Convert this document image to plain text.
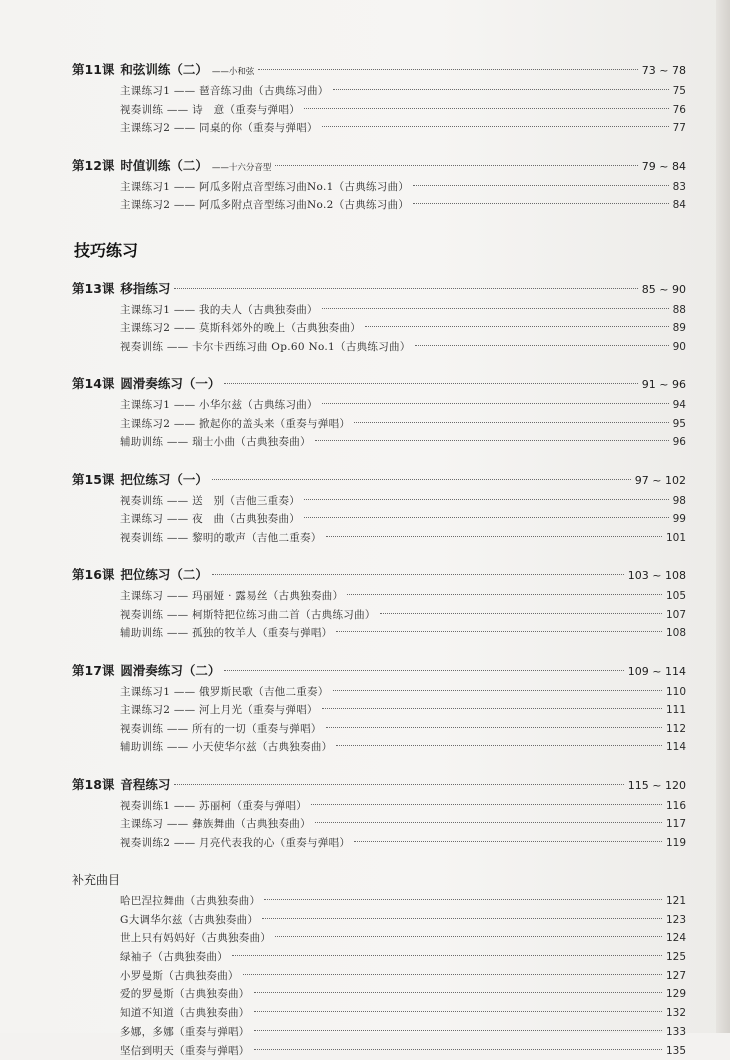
第11课 和弦训练（二） ——小和弦	73 ~ 78
主课练习1 —— 琶音练习曲（古典练习曲）	75
视奏训练 —— 诗　意（重奏与弹唱）	76
主课练习2 —— 同桌的你（重奏与弹唱）	77
第12课 时值训练（二） ——十六分音型	79 ~ 84
主课练习1 —— 阿瓜多附点音型练习曲No.1（古典练习曲）	83
主课练习2 —— 阿瓜多附点音型练习曲No.2（古典练习曲）	84
技巧练习
第13课 移指练习	85 ~ 90
主课练习1 —— 我的夫人（古典独奏曲）	88
主课练习2 —— 莫斯科郊外的晚上（古典独奏曲）	89
视奏训练 —— 卡尔卡西练习曲 Op.60 No.1（古典练习曲）	90
第14课 圆滑奏练习（一）	91 ~ 96
主课练习1 —— 小华尔兹（古典练习曲）	94
主课练习2 —— 掀起你的盖头来（重奏与弹唱）	95
辅助训练 —— 瑞士小曲（古典独奏曲）	96
第15课 把位练习（一）	97 ~ 102
视奏训练 —— 送　别（吉他三重奏）	98
主课练习 —— 夜　曲（古典独奏曲）	99
视奏训练 —— 黎明的歌声（吉他二重奏）	101
第16课 把位练习（二）	103 ~ 108
主课练习 —— 玛丽娅 · 露易丝（古典独奏曲）	105
视奏训练 —— 柯斯特把位练习曲二首（古典练习曲）	107
辅助训练 —— 孤独的牧羊人（重奏与弹唱）	108
第17课 圆滑奏练习（二）	109 ~ 114
主课练习1 —— 俄罗斯民歌（吉他二重奏）	110
主课练习2 —— 河上月光（重奏与弹唱）	111
视奏训练 —— 所有的一切（重奏与弹唱）	112
辅助训练 —— 小天使华尔兹（古典独奏曲）	114
第18课 音程练习	115 ~ 120
视奏训练1 —— 苏丽柯（重奏与弹唱）	116
主课练习 —— 彝族舞曲（古典独奏曲）	117
视奏训练2 —— 月亮代表我的心（重奏与弹唱）	119
补充曲目
哈巴涅拉舞曲（古典独奏曲）	121
G大调华尔兹（古典独奏曲）	123
世上只有妈妈好（古典独奏曲）	124
绿袖子（古典独奏曲）	125
小罗曼斯（古典独奏曲）	127
爱的罗曼斯（古典独奏曲）	129
知道不知道（古典独奏曲）	132
多娜，多娜（重奏与弹唱）	133
坚信到明天（重奏与弹唱）	135
